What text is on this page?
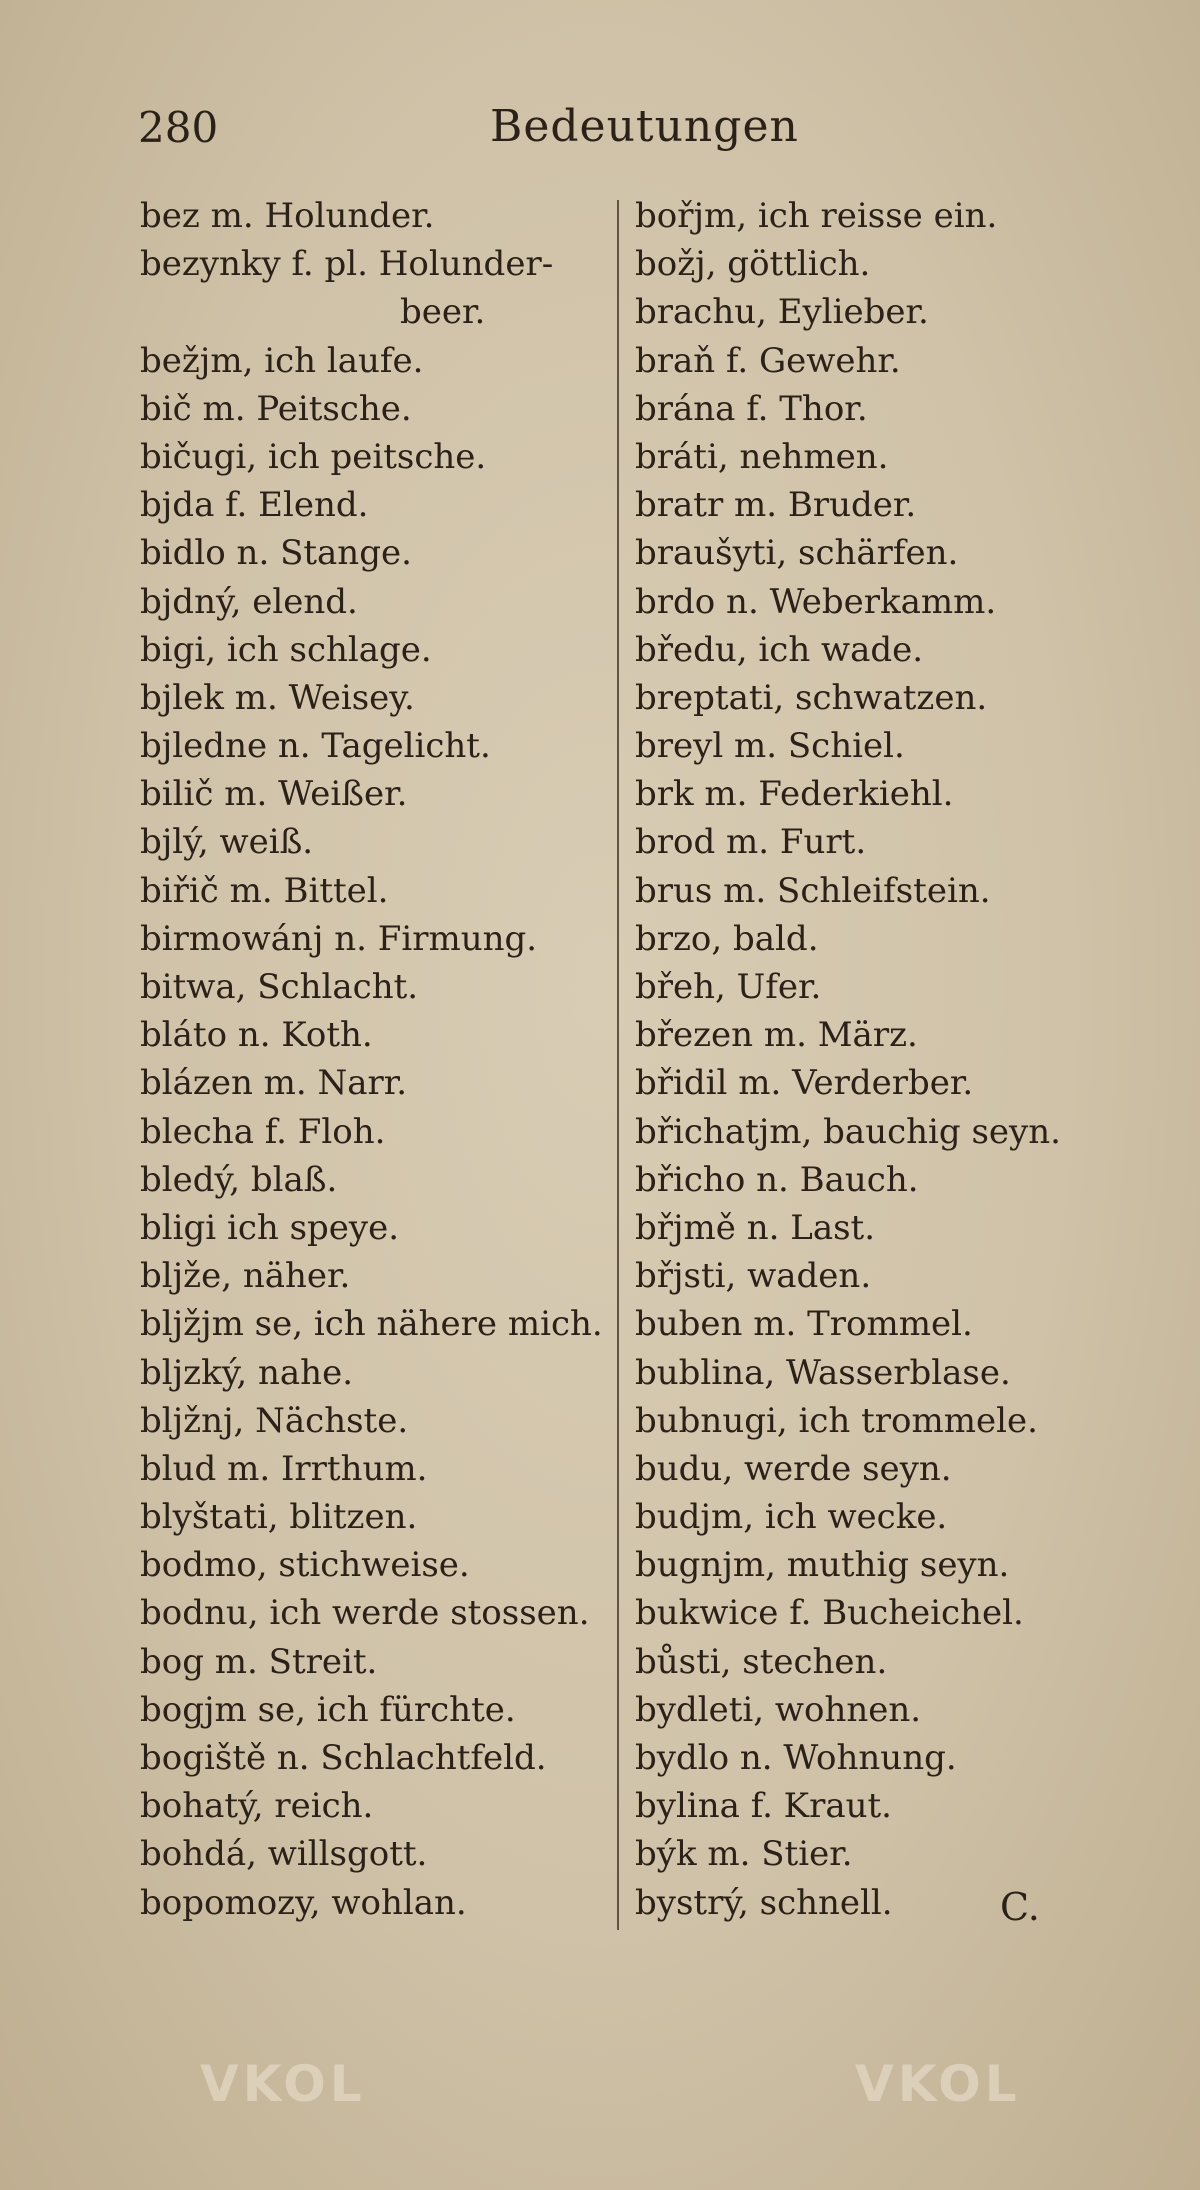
280	Bedeutungen
bez m. Holunder.
bezynky f. pl. Holunder-
beer.
bežjm, ich laufe.
bič m. Peitsche.
bičugi, ich peitsche.
bjda f. Elend.
bidlo n. Stange.
bjdný, elend.
bigi, ich schlage.
bjlek m. Weisey.
bjledne n. Tagelicht.
bilič m. Weißer.
bjlý, weiß.
biřič m. Bittel.
birmowánj n. Firmung.
bitwa, Schlacht.
bláto n. Koth.
blázen m. Narr.
blecha f. Floh.
bledý, blaß.
bligi ich speye.
bljže, näher.
bljžjm se, ich nähere mich.
bljzký, nahe.
bljžnj, Nächste.
blud m. Irrthum.
blyštati, blitzen.
bodmo, stichweise.
bodnu, ich werde stossen.
bog m. Streit.
bogjm se, ich fürchte.
bogiště n. Schlachtfeld.
bohatý, reich.
bohdá, willsgott.
bopomozy, wohlan.
bořjm, ich reisse ein.
božj, göttlich.
brachu, Eylieber.
braň f. Gewehr.
brána f. Thor.
bráti, nehmen.
bratr m. Bruder.
braušyti, schärfen.
brdo n. Weberkamm.
bředu, ich wade.
breptati, schwatzen.
breyl m. Schiel.
brk m. Federkiehl.
brod m. Furt.
brus m. Schleifstein.
brzo, bald.
břeh, Ufer.
březen m. März.
břidil m. Verderber.
břichatjm, bauchig seyn.
břicho n. Bauch.
břjmě n. Last.
břjsti, waden.
buben m. Trommel.
bublina, Wasserblase.
bubnugi, ich trommele.
budu, werde seyn.
budjm, ich wecke.
bugnjm, muthig seyn.
bukwice f. Bucheichel.
bůsti, stechen.
bydleti, wohnen.
bydlo n. Wohnung.
bylina f. Kraut.
býk m. Stier.
bystrý, schnell.	C.
VKOL	VKOL
